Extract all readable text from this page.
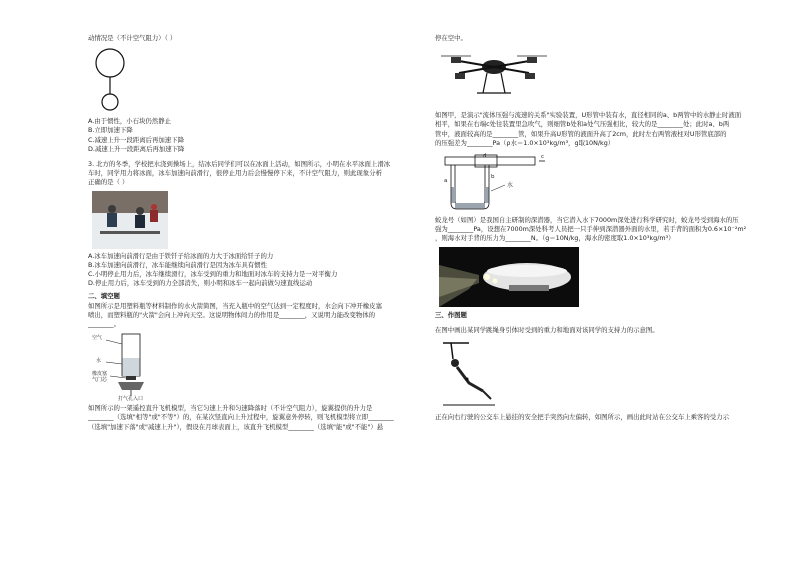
动情况是（不计空气阻力）（ ）
A.由于惯性，小石块仍然静止
B.立即加速下降
C.减速上升一段距离后再加速下降
D.减速上升一段距离后再加速下降
3. 北方的冬季，学校把水浇到操场上，结冰后同学们可以在冰面上活动，如图所示，小明在水平冰面上滑冰
车时，同学用力将冰面，冰车加速向前滑行，很停止用力后会慢慢停下来，不计空气阻力，则此现象分析
正确的是（ ）
A.冰车加速向前滑行是由于铁钎子给冰面的力大于冰面给钎子的力
B.冰车加速向前滑行，冰车能继续向前滑行是因为冰车具有惯性
C.小明停止用力后，冰车继续滑行，冰车受到的重力和地面对冰车的支持力是一对平衡力
D.停止用力后，冰车受到的力全部消失，则小明和冰车一起向前做匀速直线运动
二、填空题
如图所示是用塑料瓶等材料制作的水火箭简图，当充入瓶中的空气达到一定程度时，水会向下冲开橡皮塞
喷出，而塑料瓶的"火箭"会向上冲向天空。这说明物体间力的作用是________，又说明力能改变物体的
________。
空气
水
橡皮塞
气门芯
打气孔入口
如图所示的一架遥控直升飞机模型，当它匀速上升和匀速降落时（不计空气阻力），旋翼提供的升力是
________（选填"相等"或"不等"）的，在某次竖直向上升过程中，旋翼意外停转，则飞机模型将立即________
（选填"加速下落"或"减速上升"），假设在月球表面上，该直升飞机模型________（选填"能"或"不能"）悬
停在空中。
如图甲，是演示"流体压强与流速的关系"实验装置，U形管中装有水，直径相同的a、b两管中的水静止时液面
相平，如果在右端c处往装置里急吹气，则细管b处和a处气压强相比，较大的是________处；此时a、b两
管中，液面较高的是________管，如果升高U形管的液面升高了2cm，此时左右两管液柱对U形管底部的
的压强差为________Pa（ρ水＝1.0×10³kg/m³，g取10N/kg）
a
b
c
d
水
蛟龙号（如图）是我国自主研制的深潜器，当它潜入水下7000m深处进行科学研究时，蛟龙号受到海水的压
强为________Pa，设想在7000m深处科考人员把一只手伸到深潜器外面的水里，若手背的面积为0.6×10⁻²m²
，则海水对手背的压力为________N。（g＝10N/kg，海水的密度取1.0×10³kg/m³）
三、作图题
在图中画出某同学跳绳身引体时受到的重力和地面对该同学的支持力的示意图。
正在向右行驶的公交车上悬挂的安全把手突然向左偏转，如图所示，画出此时站在公交车上乘客的受力示
